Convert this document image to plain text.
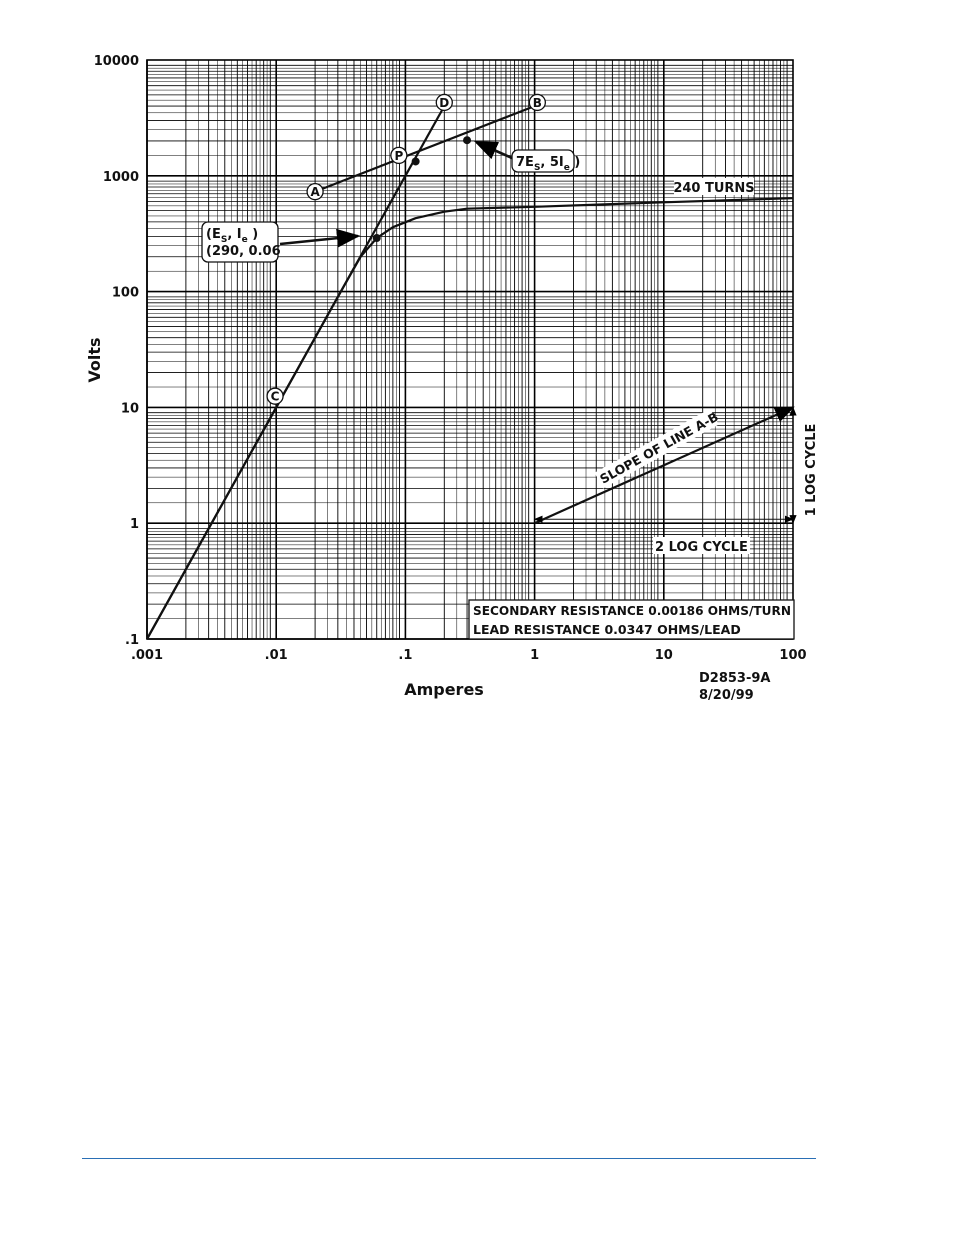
.001	.01	.1	1	10	100
.1
1
10
100
1000
10000
Amperes
Volts
A
B
C
D
P
240 TURNS
($E_S$, $I_e$ )
(290, 0.06
$7E_S$, $5I_e$ )
SLOPE OF LINE A-B
2 LOG CYCLE
1 LOG CYCLE
SECONDARY RESISTANCE 0.00186 OHMS/TURN
LEAD RESISTANCE 0.0347 OHMS/LEAD
D2853-9A
8/20/99
